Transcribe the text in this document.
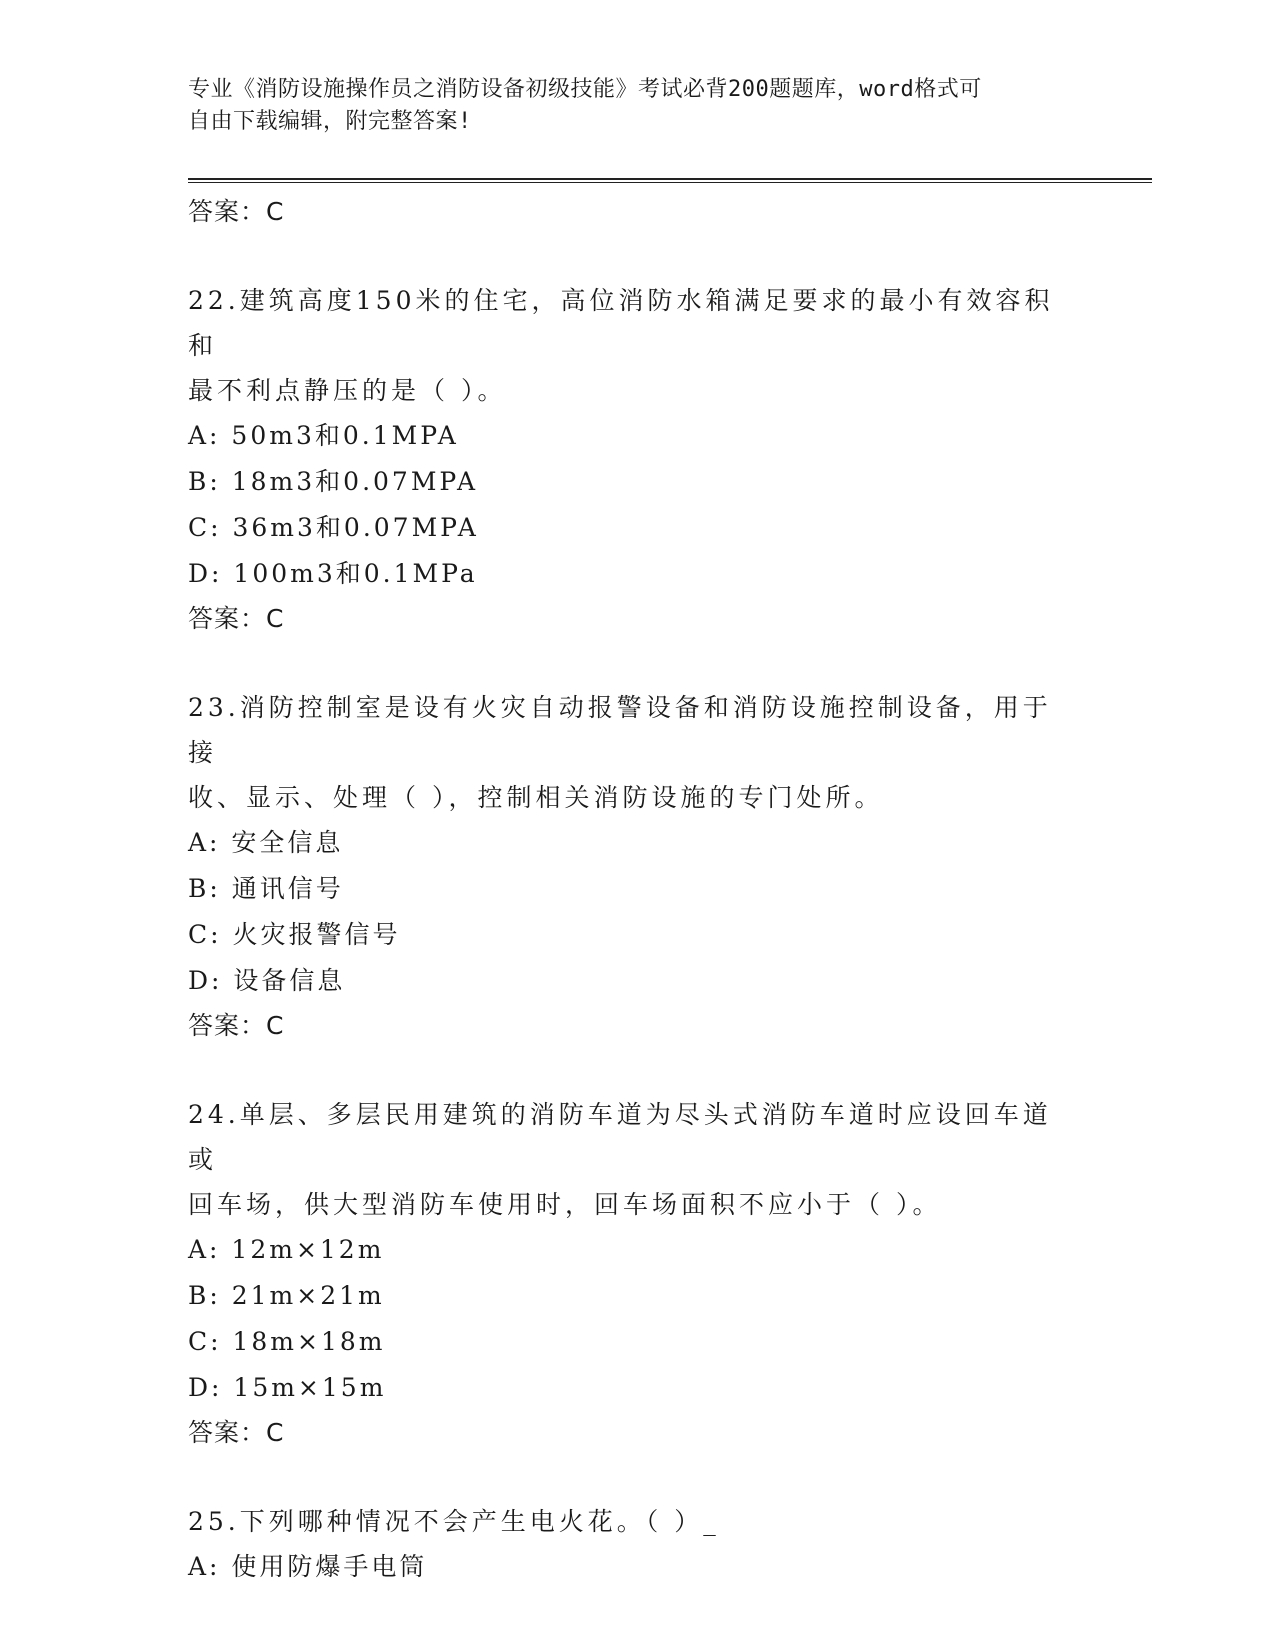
专业《消防设施操作员之消防设备初级技能》考试必背200题题库，word格式可
自由下载编辑，附完整答案!
答案：C
22.建筑高度150米的住宅，高位消防水箱满足要求的最小有效容积和
最不利点静压的是（ ）。
A: 50m3和0.1MPA
B: 18m3和0.07MPA
C: 36m3和0.07MPA
D: 100m3和0.1MPa
答案：C
23.消防控制室是设有火灾自动报警设备和消防设施控制设备，用于接
收、显示、处理（ ），控制相关消防设施的专门处所。
A: 安全信息
B: 通讯信号
C: 火灾报警信号
D: 设备信息
答案：C
24.单层、多层民用建筑的消防车道为尽头式消防车道时应设回车道或
回车场，供大型消防车使用时，回车场面积不应小于（ ）。
A: 12m×12m
B: 21m×21m
C: 18m×18m
D: 15m×15m
答案：C
25.下列哪种情况不会产生电火花。（ ）_
A: 使用防爆手电筒
